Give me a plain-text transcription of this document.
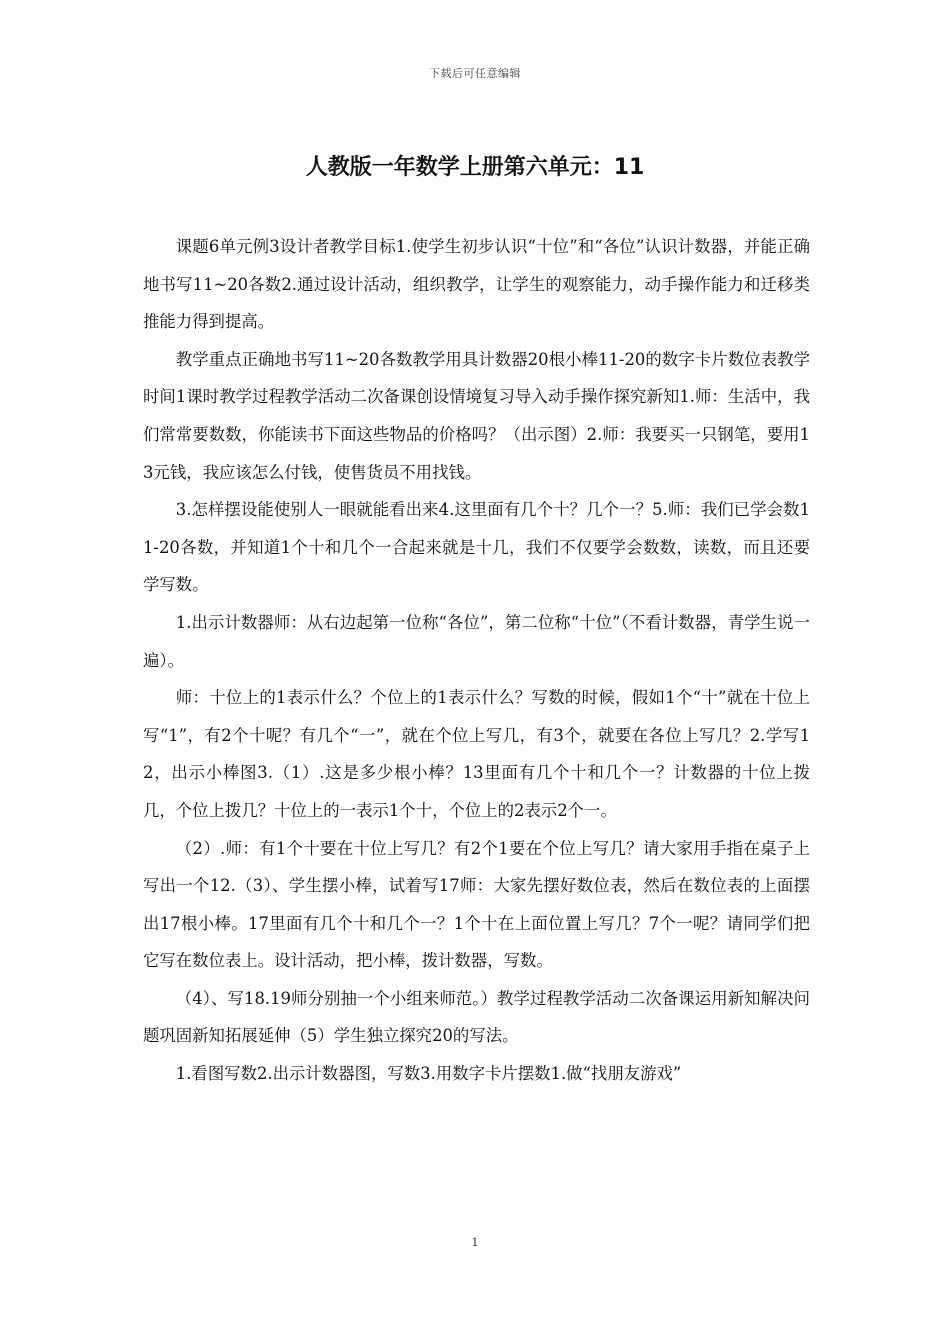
下载后可任意编辑
人教版一年数学上册第六单元：11

课题6单元例3设计者教学目标1.使学生初步认识“十位”和“各位”认识计数器，并能正确地书写11~20各数2.通过设计活动，组织教学，让学生的观察能力，动手操作能力和迁移类推能力得到提高。

教学重点正确地书写11~20各数教学用具计数器20根小棒11-20的数字卡片数位表教学时间1课时教学过程教学活动二次备课创设情境复习导入动手操作探究新知1.师：生活中，我们常常要数数，你能读书下面这些物品的价格吗？（出示图）2.师：我要买一只钢笔，要用13元钱，我应该怎么付钱，使售货员不用找钱。

3.怎样摆设能使别人一眼就能看出来4.这里面有几个十？几个一？5.师：我们已学会数11-20各数，并知道1个十和几个一合起来就是十几，我们不仅要学会数数，读数，而且还要学写数。

1.出示计数器师：从右边起第一位称“各位”，第二位称“十位”（不看计数器，青学生说一遍）。

师：十位上的1表示什么？个位上的1表示什么？写数的时候，假如1个“十”就在十位上写“1”，有2个十呢？有几个“一”，就在个位上写几，有3个，就要在各位上写几？2.学写12，出示小棒图3.（1）.这是多少根小棒？13里面有几个十和几个一？计数器的十位上拨几，个位上拨几？十位上的一表示1个十，个位上的2表示2个一。

（2）.师：有1个十要在十位上写几？有2个1要在个位上写几？请大家用手指在桌子上写出一个12.（3）、学生摆小棒，试着写17师：大家先摆好数位表，然后在数位表的上面摆出17根小棒。17里面有几个十和几个一？1个十在上面位置上写几？7个一呢？请同学们把它写在数位表上。设计活动，把小棒，拨计数器，写数。

（4）、写18.19师分别抽一个小组来师范。）教学过程教学活动二次备课运用新知解决问题巩固新知拓展延伸（5）学生独立探究20的写法。

1.看图写数2.出示计数器图，写数3.用数字卡片摆数1.做“找朋友游戏”

1
